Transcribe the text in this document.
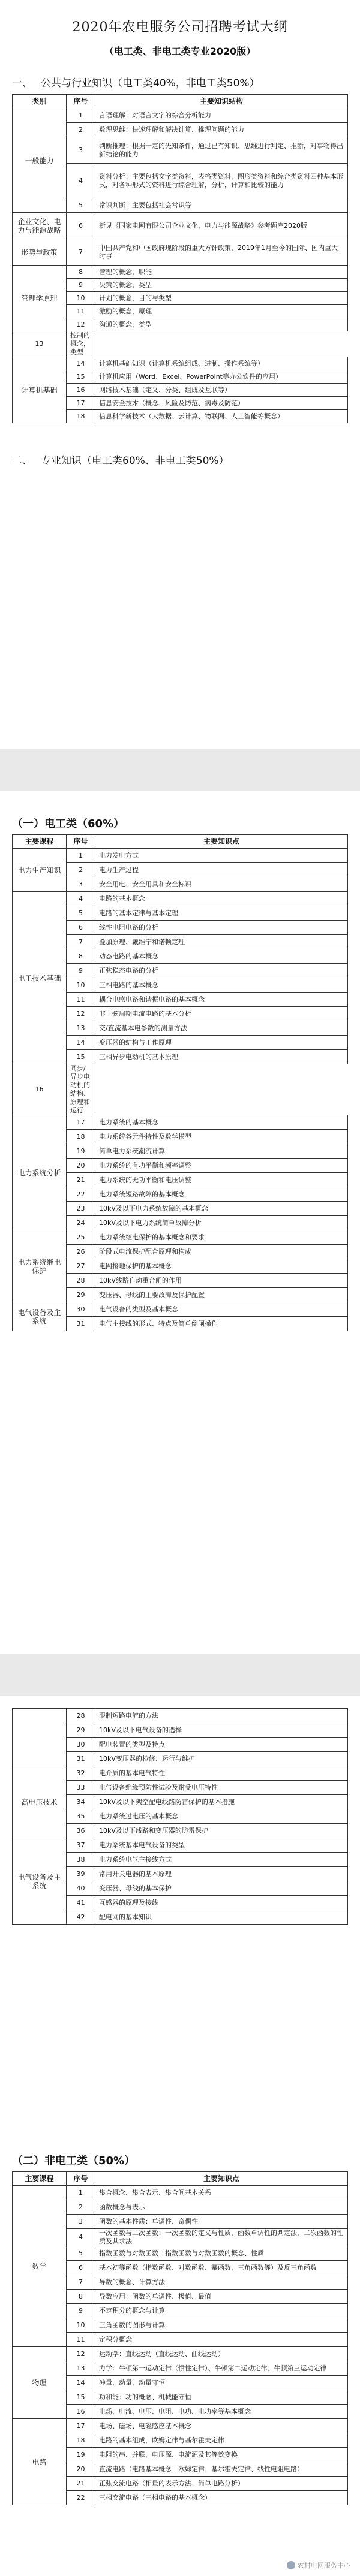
2020年农电服务公司招聘考试大纲
（电工类、非电工类专业2020版）
一、 公共与行业知识（电工类40%，非电工类50%）
类别	序号	主要知识结构
一般能力	1	言语理解：对语言文字的综合分析能力
	2	数理思维：快速理解和解决计算、推理问题的能力
	3	判断推理：根据一定的先知条件，通过已有知识、思维进行判定、推断，对事物得出新结论的能力
	4	资料分析：主要包括文字类资料，表格类资料，图形类资料和综合类资料四种基本形式，对各种形式的资料进行综合理解，分析，计算和比较的能力
	5	常识判断：主要包括社会常识等
企业文化、电力与能源战略	6	新见《国家电网有限公司企业文化、电力与能源战略》参考题库2020版
形势与政策	7	中国共产党和中国政府现阶段的重大方针政策，2019年1月至今的国际、国内重大时事
管理学原理	8	管理的概念，职能
	9	决策的概念，类型
	10	计划的概念，目的与类型
	11	激励的概念，原理
	12	沟通的概念，类型
13	控制的概念，类型	
计算机基础	14	计算机基础知识（计算机系统组成、进制、操作系统等）
	15	计算机应用（Word、Excel、PowerPoint等办公软件的应用）
	16	网络技术基础（定义、分类、组成及互联等）
	17	信息安全技术（概念、风险及防范、病毒及防范）
	18	信息科学新技术（大数据、云计算、物联网、人工智能等概念）
二、 专业知识（电工类60%、非电工类50%）
（一）电工类（60%）
主要课程	序号	主要知识点
电力生产知识	1	电力发电方式
	2	电力生产过程
	3	安全用电、安全用具和安全标识
电工技术基础	4	电路的基本概念
	5	电路的基本定律与基本定理
	6	线性电阻电路的分析
	7	叠加原理、戴维宁和诺顿定理
	8	动态电路的基本概念
	9	正弦稳态电路的分析
	10	三相电路的基本概念
	11	耦合电感电路和谐振电路的基本概念
	12	非正弦周期电流电路的基本分析
	13	交/直流基本电参数的测量方法
	14	变压器的结构与工作原理
	15	三相异步电动机的基本原理
16	同步/异步电动机的结构、原理和运行	
电力系统分析	17	电力系统的基本概念
	18	电力系统各元件特性及数学模型
	19	简单电力系统潮流计算
	20	电力系统的有功平衡和频率调整
	21	电力系统的无功平衡和电压调整
	22	电力系统短路故障的基本概念
	23	10kV及以下电力系统故障的基本概念
	24	10kV及以下电力系统简单故障分析
电力系统继电保护	25	电力系统继电保护的基本概念和要求
	26	阶段式电流保护配合原理和构成
	27	电网接地保护的基本概念
	28	10kV线路自动重合闸的作用
	29	变压器、母线的主要故障及保护配置
电气设备及主系统	30	电气设备的类型及基本概念
	31	电气主接线的形式、特点及简单倒闸操作
	28	限制短路电流的方法
	29	10kV及以下电气设备的选择
	30	配电装置的类型及特点
	31	10kV变压器的检修、运行与维护
高电压技术	32	电介质的基本电气特性
	33	电气设备绝缘预防性试验及耐受电压特性
	34	10kV及以下架空配电线路防雷保护的基本措施
	35	电力系统过电压的基本概念
	36	10kV及以下线路和变压器的防雷保护
电气设备及主系统	37	电力系统基本电气设备的类型
	38	电力系统电气主接线方式
	39	常用开关电器的基本原理
	40	变压器、母线的基本保护
	41	互感器的原理及接线
	42	配电网的基本知识
（二）非电工类（50%）
主要课程	序号	主要知识点
数学	1	集合概念、集合表示、集合间基本关系
	2	函数概念与表示
	3	函数的基本性质：单调性、奇偶性
	4	一次函数与二次函数：一次函数的定义与性质，函数单调性的判定法，二次函数的性质及其求法
	5	指数函数与对数函数：指数函数与对数函数的概念、性质
	6	基本初等函数（指数函数、对数函数、幂函数、三角函数等）及反三角函数
	7	导数的概念、计算方法
	8	导数应用：函数的单调性、极值、最值
	9	不定积分的概念与计算
	10	三角函数的图形与计算
	11	定积分概念
物理	12	运动学：直线运动（直线运动、曲线运动）
	13	力学：牛顿第一运动定律（惯性定律）、牛顿第二运动定律、牛顿第三运动定律
	14	冲量、动量、动量守恒
	15	功和能：功的概念、机械能守恒
	16	电场、电流、电压、电阻、电功、电功率等基本概念
电路	17	电场、磁场、电磁感应基本概念
	18	电路的基本组成，欧姆定律与基尔霍夫定律
	19	电阻的串、并联，电压源、电流源及其等效变换
	20	直流电路（电路基本概念：欧姆定律、基尔霍夫定律、线性电阻电路）
	21	正弦交流电路（相量的表示方法、简单电路分析）
	22	三相交流电路（三相电路的基本概念）
农村电网服务中心
